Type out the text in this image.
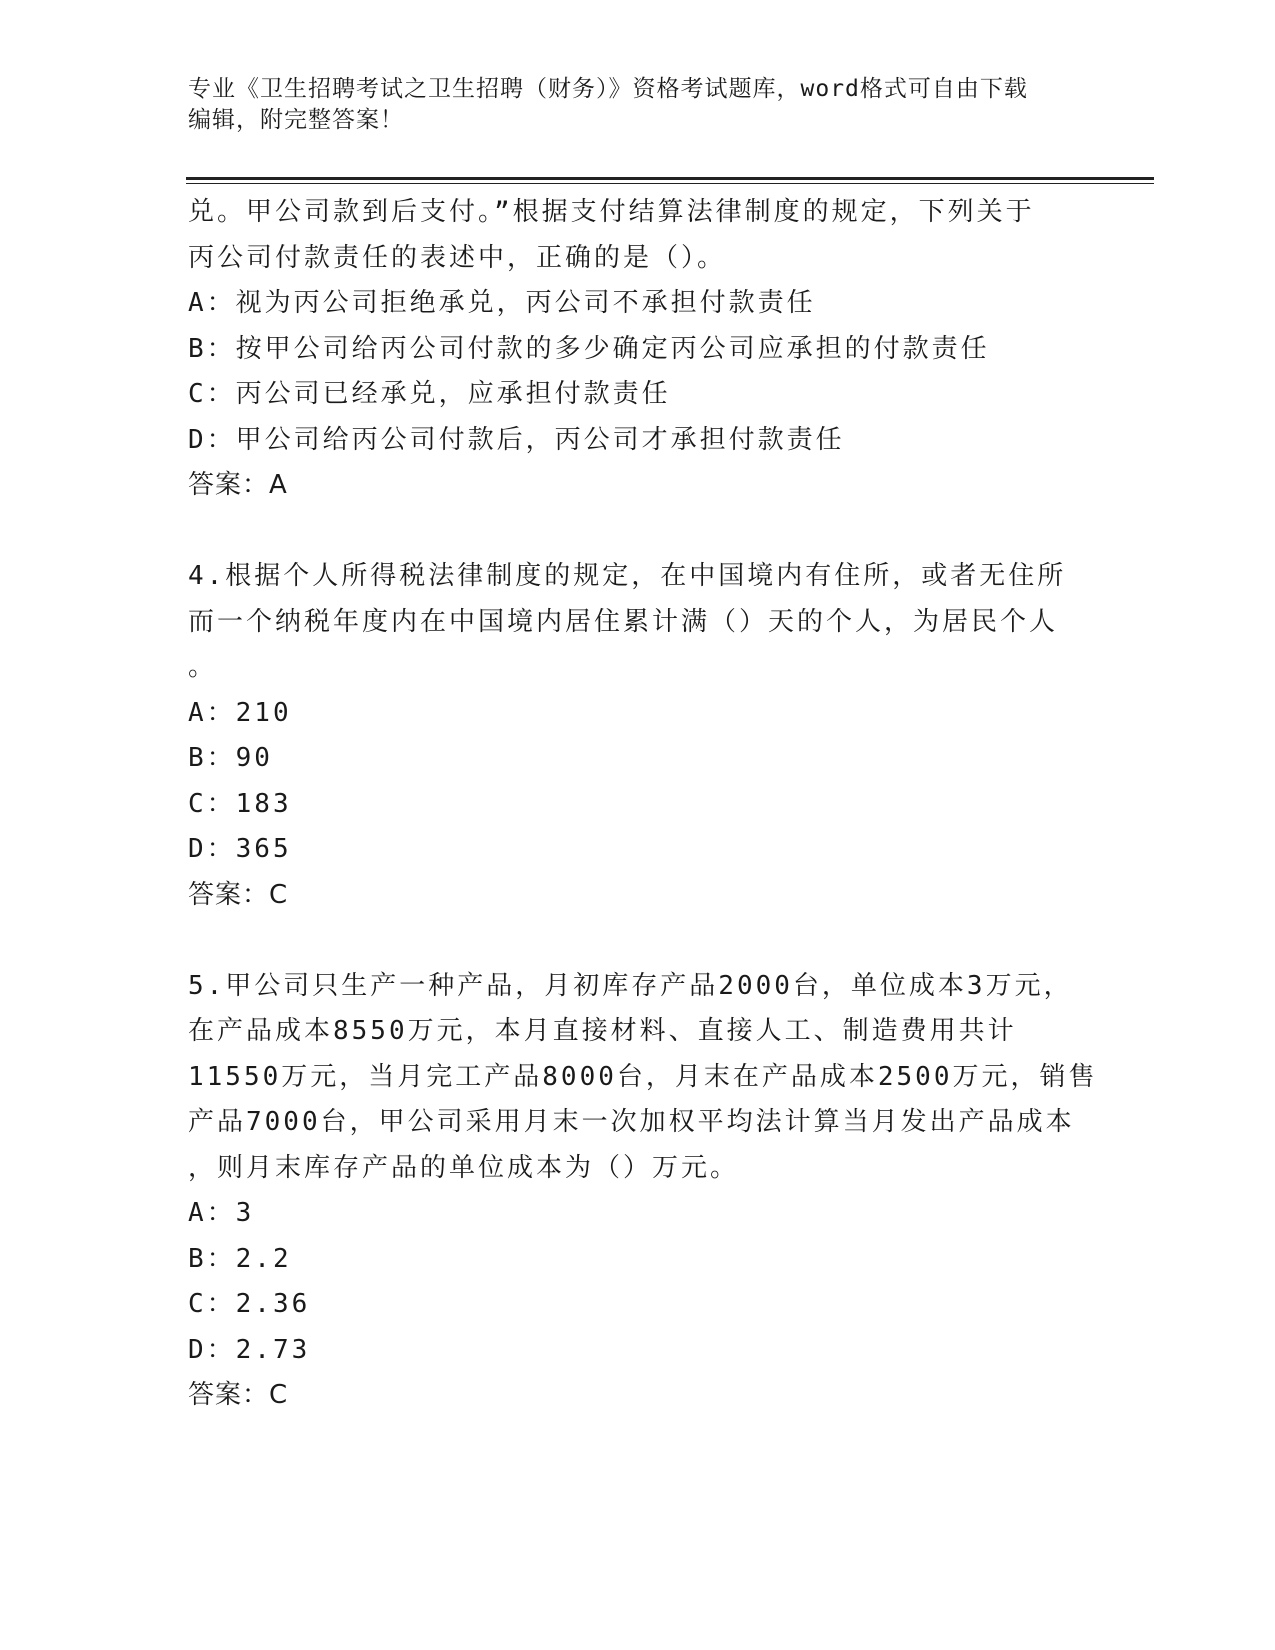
专业《卫生招聘考试之卫生招聘（财务）》资格考试题库，word格式可自由下载
编辑，附完整答案！
兑。甲公司款到后支付。”根据支付结算法律制度的规定，下列关于
丙公司付款责任的表述中，正确的是（）。
A：视为丙公司拒绝承兑，丙公司不承担付款责任
B：按甲公司给丙公司付款的多少确定丙公司应承担的付款责任
C：丙公司已经承兑，应承担付款责任
D：甲公司给丙公司付款后，丙公司才承担付款责任
答案：A
4.根据个人所得税法律制度的规定，在中国境内有住所，或者无住所
而一个纳税年度内在中国境内居住累计满（）天的个人，为居民个人
。
A：210
B：90
C：183
D：365
答案：C
5.甲公司只生产一种产品，月初库存产品2000台，单位成本3万元，
在产品成本8550万元，本月直接材料、直接人工、制造费用共计
11550万元，当月完工产品8000台，月末在产品成本2500万元，销售
产品7000台，甲公司采用月末一次加权平均法计算当月发出产品成本
，则月末库存产品的单位成本为（）万元。
A：3
B：2.2
C：2.36
D：2.73
答案：C
